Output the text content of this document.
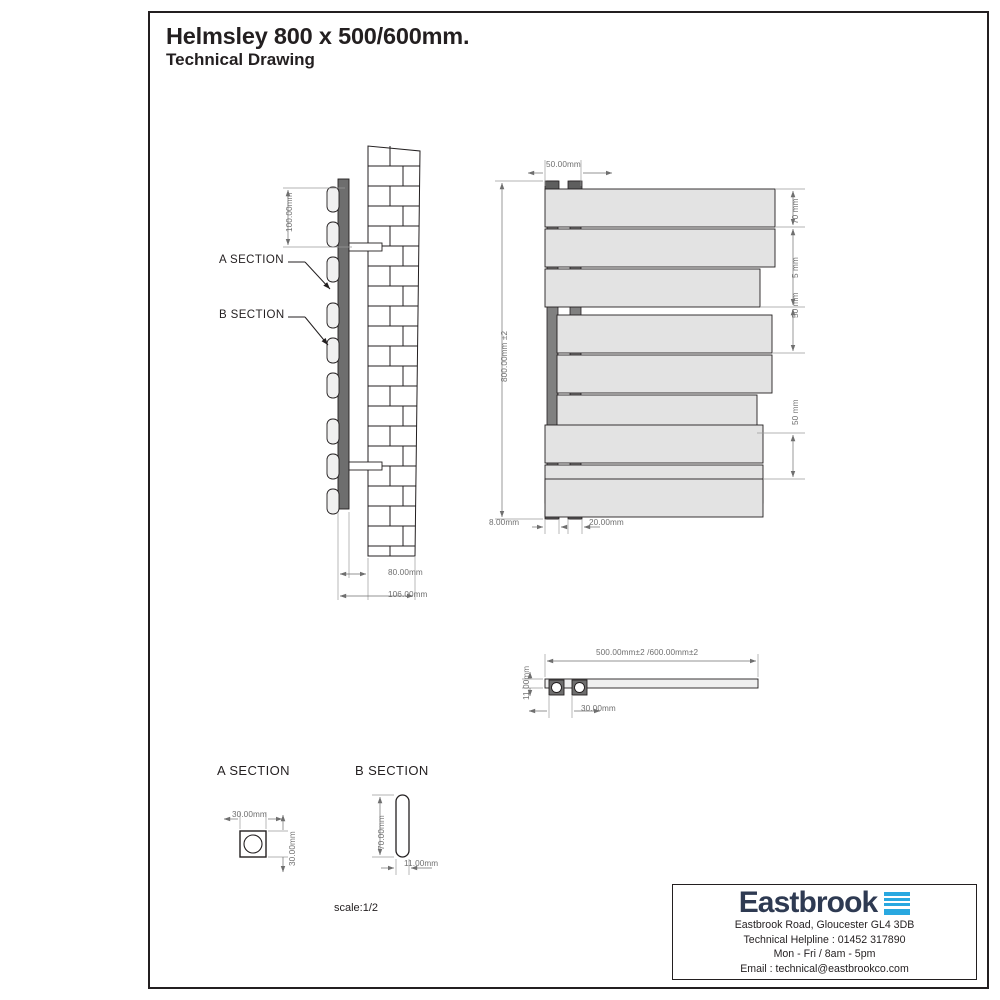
Helmsley 800 x 500/600mm.
Technical Drawing
100.00mm
80.00mm
106.00mm
A SECTION
B SECTION
50.00mm
800.00mm ±2
70 mm
5 mm
50 mm
50 mm
8.00mm	20.00mm
500.00mm±2 /600.00mm±2
11.00mm
30.00mm
A SECTION	B SECTION
30.00mm
30.00mm	70.00mm
11.00mm
scale:1/2	Eastbrook
Eastbrook Road, Gloucester GL4 3DB
Technical Helpline : 01452 317890
Mon - Fri / 8am - 5pm
Email : technical@eastbrookco.com
